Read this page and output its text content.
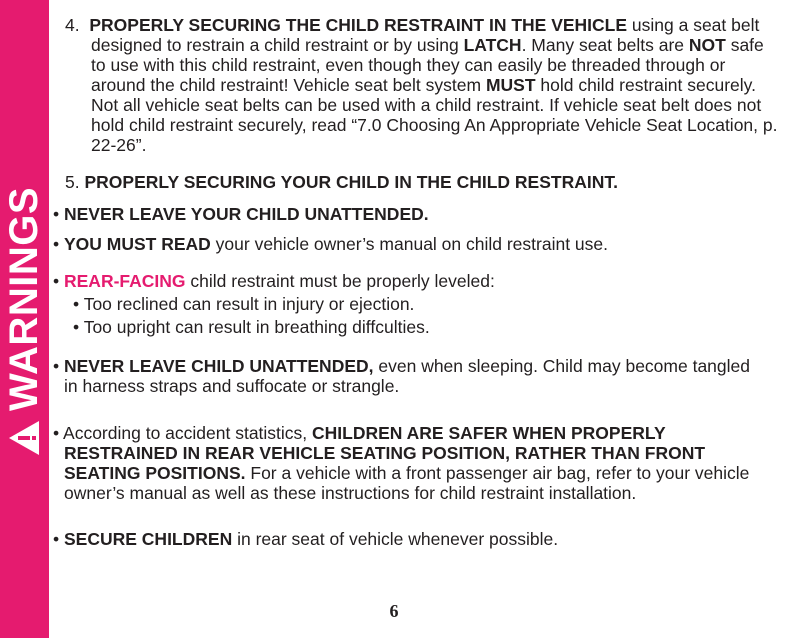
WARNINGS
4. PROPERLY SECURING THE CHILD RESTRAINT IN THE VEHICLE using a seat belt designed to restrain a child restraint or by using LATCH. Many seat belts are NOT safe to use with this child restraint, even though they can easily be threaded through or around the child restraint! Vehicle seat belt system MUST hold child restraint securely. Not all vehicle seat belts can be used with a child restraint. If vehicle seat belt does not hold child restraint securely, read “7.0 Choosing An Appropriate Vehicle Seat Location, p. 22-26”.
5. PROPERLY SECURING YOUR CHILD IN THE CHILD RESTRAINT.
• NEVER LEAVE YOUR CHILD UNATTENDED.
• YOU MUST READ your vehicle owner’s manual on child restraint use.
• REAR-FACING child restraint must be properly leveled:
• Too reclined can result in injury or ejection.
• Too upright can result in breathing diffculties.
• NEVER LEAVE CHILD UNATTENDED, even when sleeping. Child may become tangled in harness straps and suffocate or strangle.
• According to accident statistics, CHILDREN ARE SAFER WHEN PROPERLY RESTRAINED IN REAR VEHICLE SEATING POSITION, RATHER THAN FRONT SEATING POSITIONS. For a vehicle with a front passenger air bag, refer to your vehicle owner’s manual as well as these instructions for child restraint installation.
• SECURE CHILDREN in rear seat of vehicle whenever possible.
6
